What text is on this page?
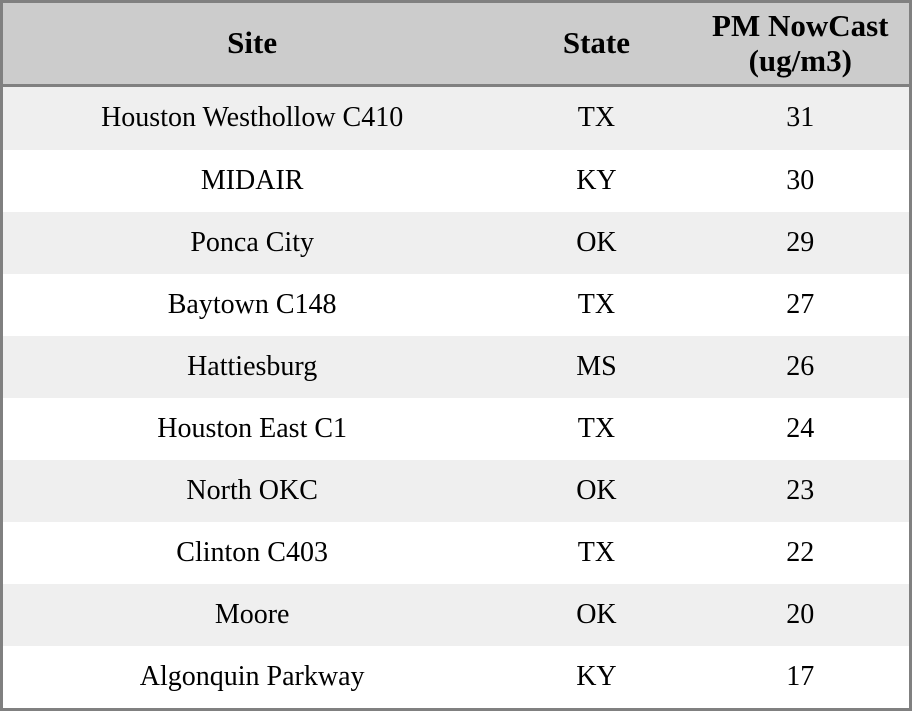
Site	State	PM NowCast (ug/m3)
Houston Westhollow C410	TX	31
MIDAIR	KY	30
Ponca City	OK	29
Baytown C148	TX	27
Hattiesburg	MS	26
Houston East C1	TX	24
North OKC	OK	23
Clinton C403	TX	22
Moore	OK	20
Algonquin Parkway	KY	17
